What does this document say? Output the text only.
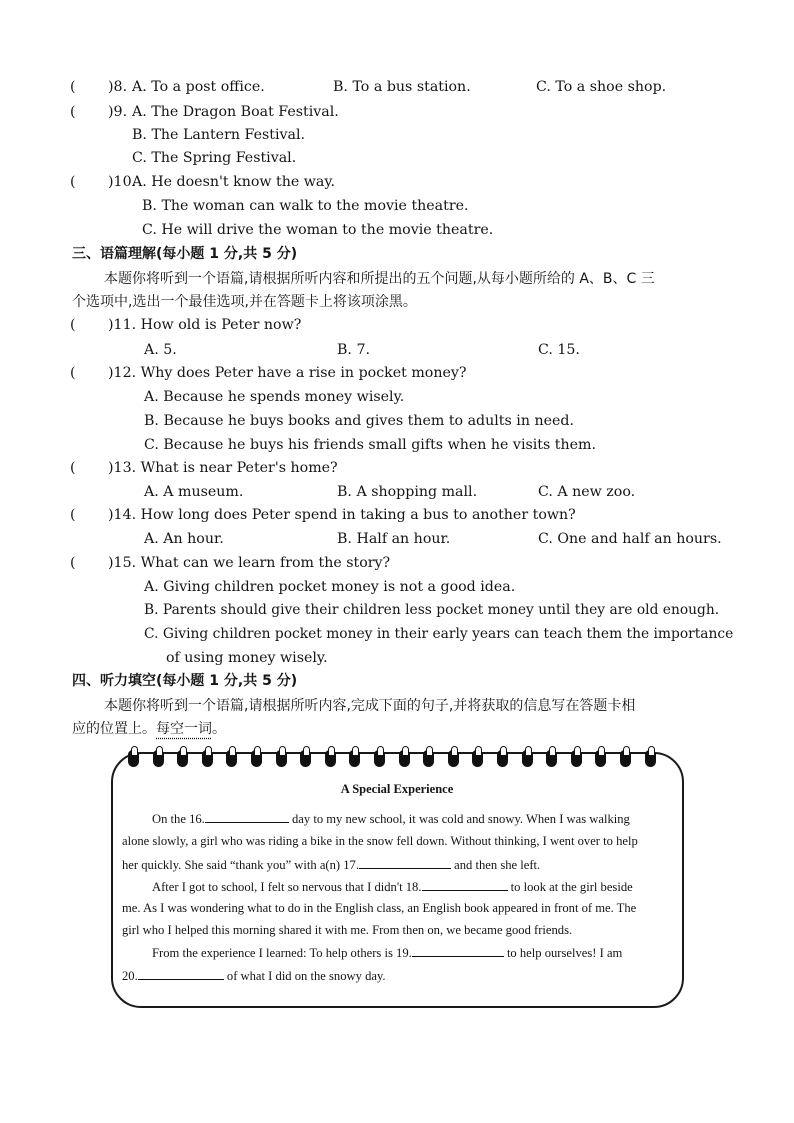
( )8. A. To a post office.	B. To a bus station.	C. To a shoe shop.
( )9. A. The Dragon Boat Festival.
B. The Lantern Festival.
C. The Spring Festival.
( )10.
A. He doesn't know the way.
B. The woman can walk to the movie theatre.
C. He will drive the woman to the movie theatre.
三、语篇理解(每小题 1 分,共 5 分)
本题你将听到一个语篇,请根据所听内容和所提出的五个问题,从每小题所给的 A、B、C 三
个选项中,选出一个最佳选项,并在答题卡上将该项涂黑。
( )11. How old is Peter now?
A. 5.	B. 7.	C. 15.
( )12. Why does Peter have a rise in pocket money?
A. Because he spends money wisely.
B. Because he buys books and gives them to adults in need.
C. Because he buys his friends small gifts when he visits them.
( )13. What is near Peter's home?
A. A museum.	B. A shopping mall.	C. A new zoo.
( )14. How long does Peter spend in taking a bus to another town?
A. An hour.	B. Half an hour.	C. One and half an hours.
( )15. What can we learn from the story?
A. Giving children pocket money is not a good idea.
B. Parents should give their children less pocket money until they are old enough.
C. Giving children pocket money in their early years can teach them the importance
of using money wisely.
四、听力填空(每小题 1 分,共 5 分)
本题你将听到一个语篇,请根据所听内容,完成下面的句子,并将获取的信息写在答题卡相
应的位置上。每空一词。
A Special Experience
On the 16.	day to my new school, it was cold and snowy. When I was walking
alone slowly, a girl who was riding a bike in the snow fell down. Without thinking, I went over to help
her quickly. She said “thank you” with a(n) 17.	and then she left.
After I got to school, I felt so nervous that I didn't 18.	to look at the girl beside
me. As I was wondering what to do in the English class, an English book appeared in front of me. The
girl who I helped this morning shared it with me. From then on, we became good friends.
From the experience I learned: To help others is 19.	to help ourselves! I am
20.	of what I did on the snowy day.
